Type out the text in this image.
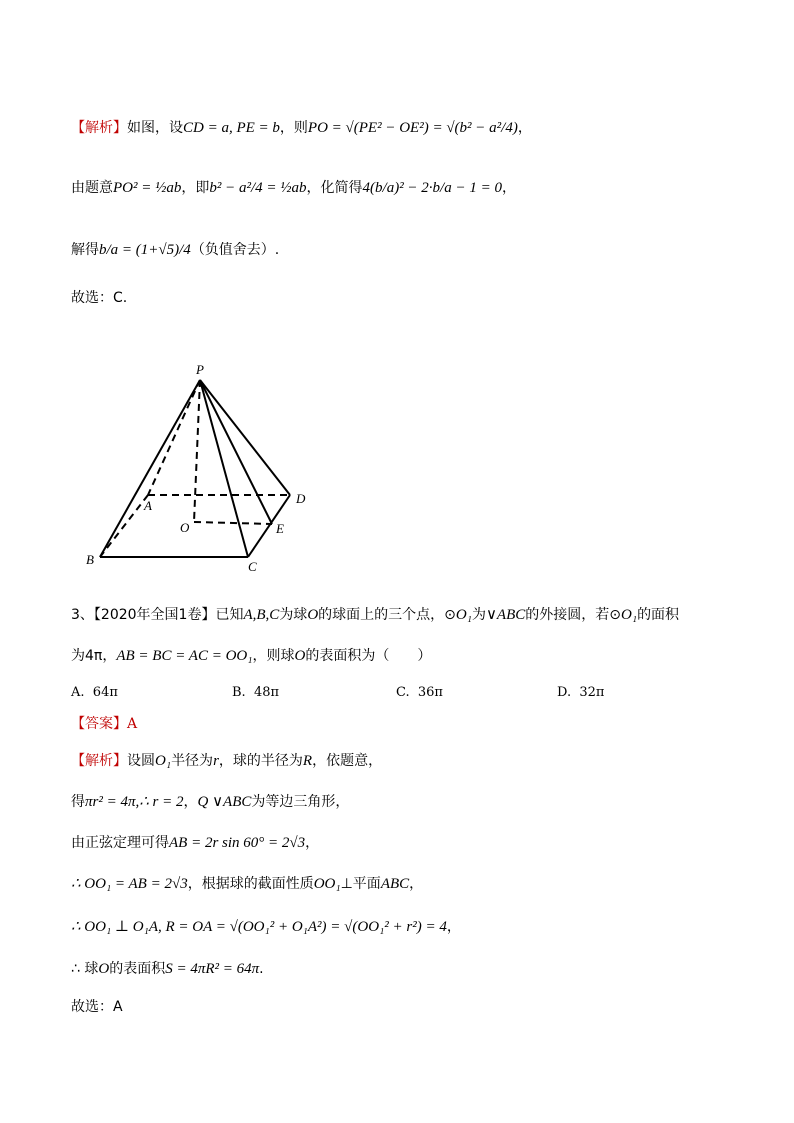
【解析】如图，设CD = a, PE = b，则PO = √(PE² − OE²) = √(b² − a²/4)，
由题意PO² = ½ab，即b² − a²/4 = ½ab，化简得4(b/a)² − 2·b/a − 1 = 0，
解得b/a = (1+√5)/4（负值舍去）.
故选：C.
P
A	D
O	E
B	C
3、【2020年全国1卷】已知A,B,C为球O的球面上的三个点，⊙O₁为∨ABC的外接圆，若⊙O₁的面积
为4π，AB = BC = AC = OO₁，则球O的表面积为（　　）
A. 64π	B. 48π	C. 36π	D. 32π
【答案】A
【解析】设圆O₁半径为r，球的半径为R，依题意，
得πr² = 4π,∴ r = 2，Q ∨ABC为等边三角形，
由正弦定理可得AB = 2r sin 60° = 2√3，
∴ OO₁ = AB = 2√3，根据球的截面性质OO₁⊥平面ABC，
∴ OO₁ ⊥ O₁A, R = OA = √(OO₁² + O₁A²) = √(OO₁² + r²) = 4，
∴ 球O的表面积S = 4πR² = 64π.
故选：A
